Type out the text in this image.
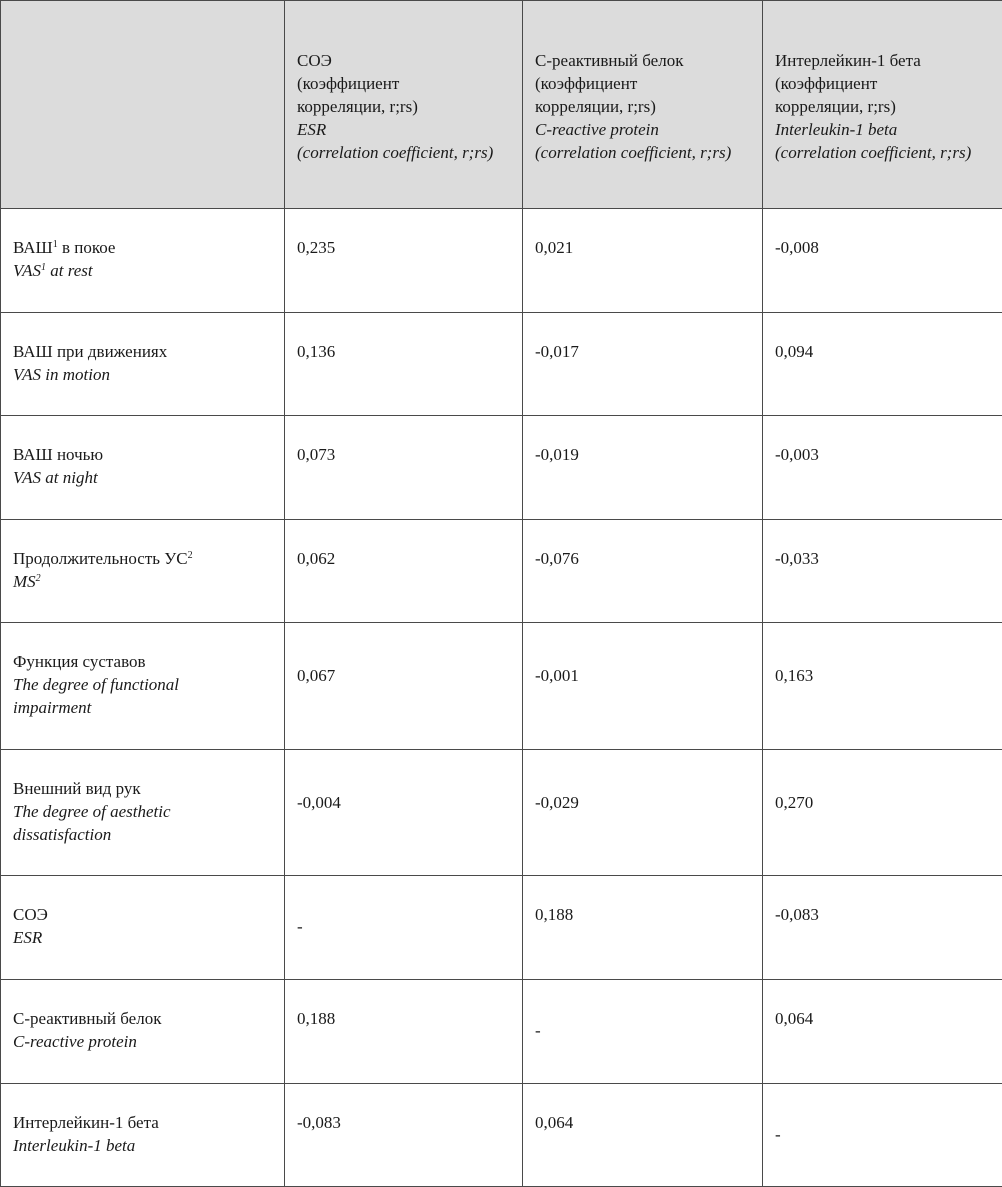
	СОЭ
(коэффициент
корреляции, r;rs)
ESR
(correlation coefficient, r;rs)	С-реактивный белок
(коэффициент
корреляции, r;rs)
C-reactive protein
(correlation coefficient, r;rs)	Интерлейкин-1 бета
(коэффициент
корреляции, r;rs)
Interleukin-1 beta
(correlation coefficient, r;rs)

ВАШ$^1$ в покое
VAS$^1$ at rest	0,235	0,021	-0,008

ВАШ при движениях
VAS in motion	0,136	-0,017	0,094

ВАШ ночью
VAS at night	0,073	-0,019	-0,003

Продолжительность $УС^2$
$MS^2$	0,062	-0,076	-0,033

Функция суставов
The degree of functional
impairment	0,067	-0,001	0,163

Внешний вид рук
The degree of aesthetic
dissatisfaction	-0,004	-0,029	0,270

СОЭ
ESR	-	0,188	-0,083

С-реактивный белок
C-reactive protein	0,188	-	0,064

Интерлейкин-1 бета
Interleukin-1 beta	-0,083	0,064	-
